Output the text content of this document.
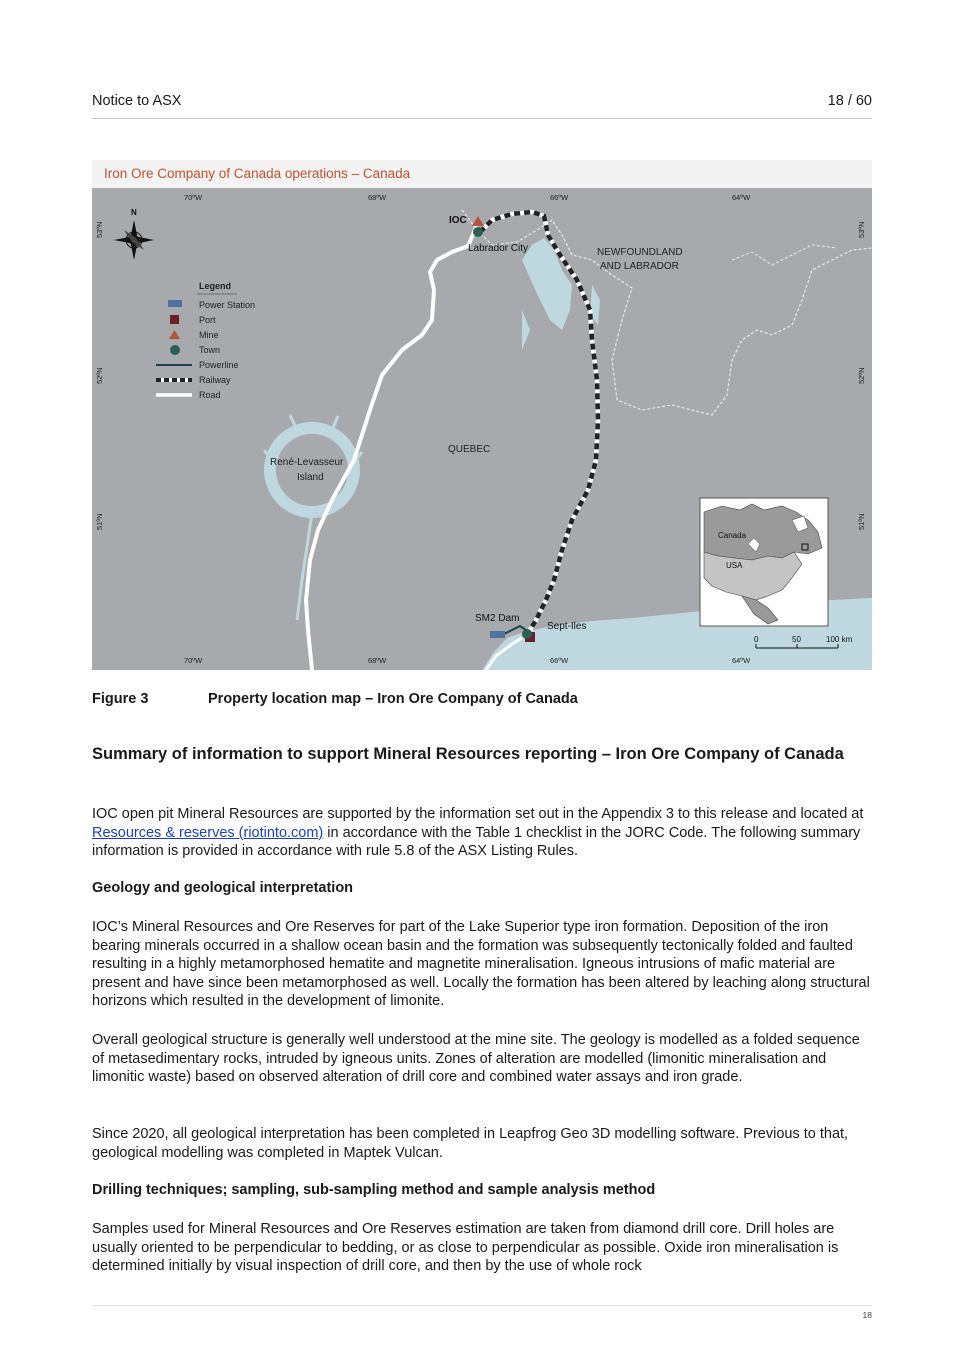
Notice to ASX	18 / 60
Iron Ore Company of Canada operations – Canada
70ºW	68ºW	66ºW	64ºW
70ºW	68ºW	66ºW	64ºW
53ºN
52ºN
51ºN
53ºN
52ºN
51ºN
N
Legend
Power Station
Port
Mine
Town
Powerline
Railway
Road
IOC
Labrador City	NEWFOUNDLAND
AND LABRADOR
QUEBEC
René-Levasseur
Island
SM2 Dam
Sept-Iles
Canada
USA
0	50	100 km
Figure 3	Property location map – Iron Ore Company of Canada
Summary of information to support Mineral Resources reporting – Iron Ore Company of Canada
IOC open pit Mineral Resources are supported by the information set out in the Appendix 3 to this release and located at Resources & reserves (riotinto.com) in accordance with the Table 1 checklist in the JORC Code. The following summary information is provided in accordance with rule 5.8 of the ASX Listing Rules.
Geology and geological interpretation
IOC’s Mineral Resources and Ore Reserves for part of the Lake Superior type iron formation. Deposition of the iron bearing minerals occurred in a shallow ocean basin and the formation was subsequently tectonically folded and faulted resulting in a highly metamorphosed hematite and magnetite mineralisation. Igneous intrusions of mafic material are present and have since been metamorphosed as well. Locally the formation has been altered by leaching along structural horizons which resulted in the development of limonite.
Overall geological structure is generally well understood at the mine site. The geology is modelled as a folded sequence of metasedimentary rocks, intruded by igneous units. Zones of alteration are modelled (limonitic mineralisation and limonitic waste) based on observed alteration of drill core and combined water assays and iron grade.
Since 2020, all geological interpretation has been completed in Leapfrog Geo 3D modelling software. Previous to that, geological modelling was completed in Maptek Vulcan.
Drilling techniques; sampling, sub-sampling method and sample analysis method
Samples used for Mineral Resources and Ore Reserves estimation are taken from diamond drill core. Drill holes are usually oriented to be perpendicular to bedding, or as close to perpendicular as possible. Oxide iron mineralisation is determined initially by visual inspection of drill core, and then by the use of whole rock
18
